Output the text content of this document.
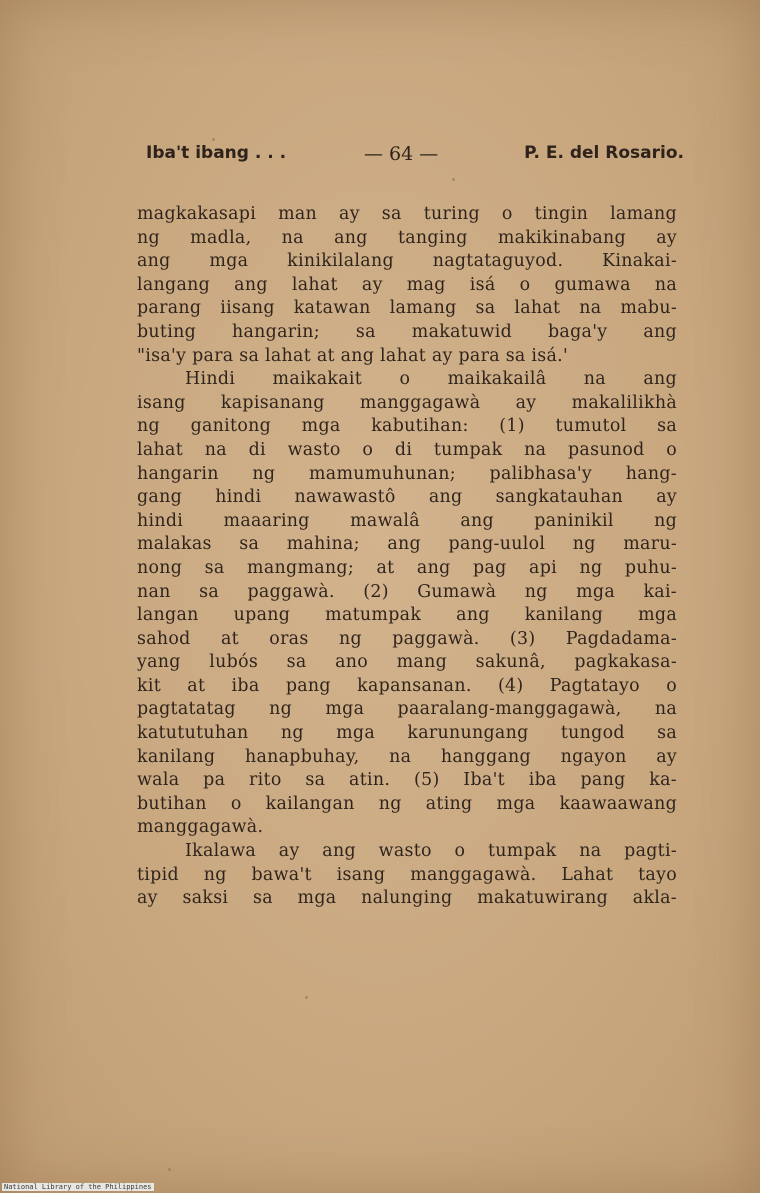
Iba't ibang . . .	— 64 —	P. E. del Rosario.
magkakasapi man ay sa turing o tingin lamang
ng madla, na ang tanging makikinabang ay
ang mga kinikilalang nagtataguyod. Kinakai-
langang ang lahat ay mag isá o gumawa na
parang iisang katawan lamang sa lahat na mabu-
buting hangarin; sa makatuwid baga'y ang
"isa'y para sa lahat at ang lahat ay para sa isá.'
Hindi maikakait o maikakailâ na ang
isang kapisanang manggagawà ay makalilikhà
ng ganitong mga kabutihan: (1) tumutol sa
lahat na di wasto o di tumpak na pasunod o
hangarin ng mamumuhunan; palibhasa'y hang-
gang hindi nawawastô ang sangkatauhan ay
hindi maaaring mawalâ ang paninikil ng
malakas sa mahina; ang pang-uulol ng maru-
nong sa mangmang; at ang pag api ng puhu-
nan sa paggawà. (2) Gumawà ng mga kai-
langan upang matumpak ang kanilang mga
sahod at oras ng paggawà. (3) Pagdadama-
yang lubós sa ano mang sakunâ, pagkakasa-
kit at iba pang kapansanan. (4) Pagtatayo o
pagtatatag ng mga paaralang-manggagawà, na
katututuhan ng mga karunungang tungod sa
kanilang hanapbuhay, na hanggang ngayon ay
wala pa rito sa atin. (5) Iba't iba pang ka-
butihan o kailangan ng ating mga kaawaawang
manggagawà.
Ikalawa ay ang wasto o tumpak na pagti-
tipid ng bawa't isang manggagawà. Lahat tayo
ay saksi sa mga nalunging makatuwirang akla-
National Library of the Philippines
